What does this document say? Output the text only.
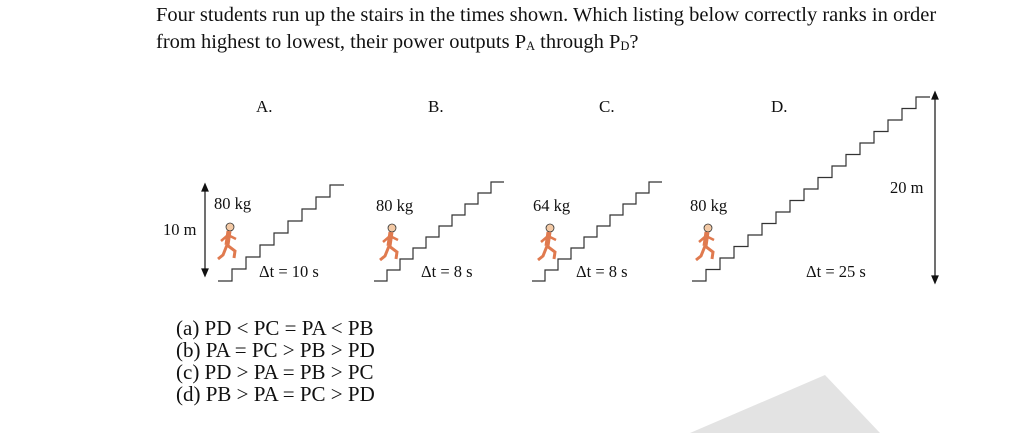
Four students run up the stairs in the times shown. Which listing below correctly ranks in order
from highest to lowest, their power outputs $P_A$ through $P_D$?

A.	B.	C.	D.
80 kg	80 kg	64 kg	80 kg
10 m
20 m
Δt = 10 s	Δt = 8 s	Δt = 8 s	Δt = 25 s
(a) PD < PC = PA < PB
(b) PA = PC > PB > PD
(c) PD > PA = PB > PC
(d) PB > PA = PC > PD
